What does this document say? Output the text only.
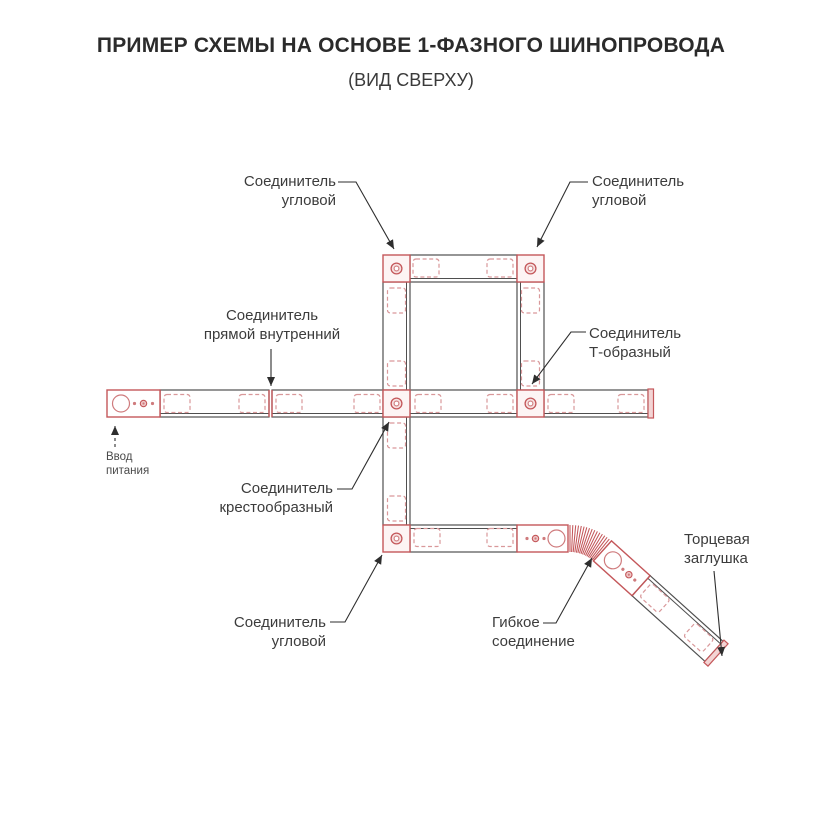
ПРИМЕР СХЕМЫ НА ОСНОВЕ 1-ФАЗНОГО ШИНОПРОВОДА
(ВИД СВЕРХУ)
Соединитель
угловой
Соединитель
угловой
Соединитель
прямой внутренний	Соединитель
Т-образный
Соединитель
крестообразный
Соединитель
угловой
Гибкое
соединение
Торцевая
заглушка
Ввод
питания
